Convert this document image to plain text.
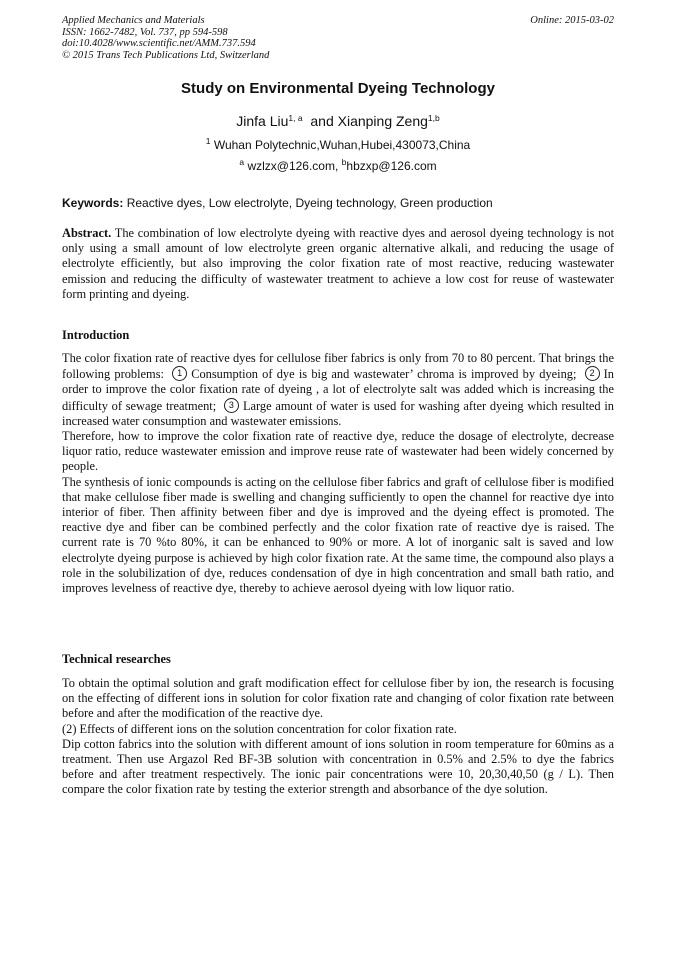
Applied Mechanics and Materials
ISSN: 1662-7482, Vol. 737, pp 594-598
doi:10.4028/www.scientific.net/AMM.737.594
© 2015 Trans Tech Publications Ltd, Switzerland
Online: 2015-03-02
Study on Environmental Dyeing Technology
Jinfa Liu$^{1, a}$ and Xianping Zeng$^{1,b}$
$^1$ Wuhan Polytechnic,Wuhan,Hubei,430073,China
$^a$ wzlzx@126.com, $^b$hbzxp@126.com
Keywords: Reactive dyes, Low electrolyte, Dyeing technology, Green production

Abstract. The combination of low electrolyte dyeing with reactive dyes and aerosol dyeing technology is not only using a small amount of low electrolyte green organic alternative alkali, and reducing the usage of electrolyte efficiently, but also improving the color fixation rate of most reactive, reducing wastewater emission and reducing the difficulty of wastewater treatment to achieve a low cost for reuse of wastewater form printing and dyeing.

Introduction

The color fixation rate of reactive dyes for cellulose fiber fabrics is only from 70 to 80 percent. That brings the following problems: 1 Consumption of dye is big and wastewater’ chroma is improved by dyeing; 2 In order to improve the color fixation rate of dyeing , a lot of electrolyte salt was added which is increasing the difficulty of sewage treatment; 3 Large amount of water is used for washing after dyeing which resulted in increased water consumption and wastewater emissions.

Therefore, how to improve the color fixation rate of reactive dye, reduce the dosage of electrolyte, decrease liquor ratio, reduce wastewater emission and improve reuse rate of wastewater had been widely concerned by people.

The synthesis of ionic compounds is acting on the cellulose fiber fabrics and graft of cellulose fiber is modified that make cellulose fiber made is swelling and changing sufficiently to open the channel for reactive dye into interior of fiber. Then affinity between fiber and dye is improved and the dyeing effect is promoted. The reactive dye and fiber can be combined perfectly and the color fixation rate of reactive dye is raised. The current rate is 70 %to 80%, it can be enhanced to 90% or more. A lot of inorganic salt is saved and low electrolyte dyeing purpose is achieved by high color fixation rate. At the same time, the compound also plays a role in the solubilization of dye, reduces condensation of dye in high concentration and small bath ratio, and improves levelness of reactive dye, thereby to achieve aerosol dyeing with low liquor ratio.

Technical researches

To obtain the optimal solution and graft modification effect for cellulose fiber by ion, the research is focusing on the effecting of different ions in solution for color fixation rate and changing of color fixation rate between before and after the modification of the reactive dye.

(2) Effects of different ions on the solution concentration for color fixation rate.

Dip cotton fabrics into the solution with different amount of ions solution in room temperature for 60mins as a treatment. Then use Argazol Red BF-3B solution with concentration in 0.5% and 2.5% to dye the fabrics before and after treatment respectively. The ionic pair concentrations were 10, 20,30,40,50 (g / L). Then compare the color fixation rate by testing the exterior strength and absorbance of the dye solution.
